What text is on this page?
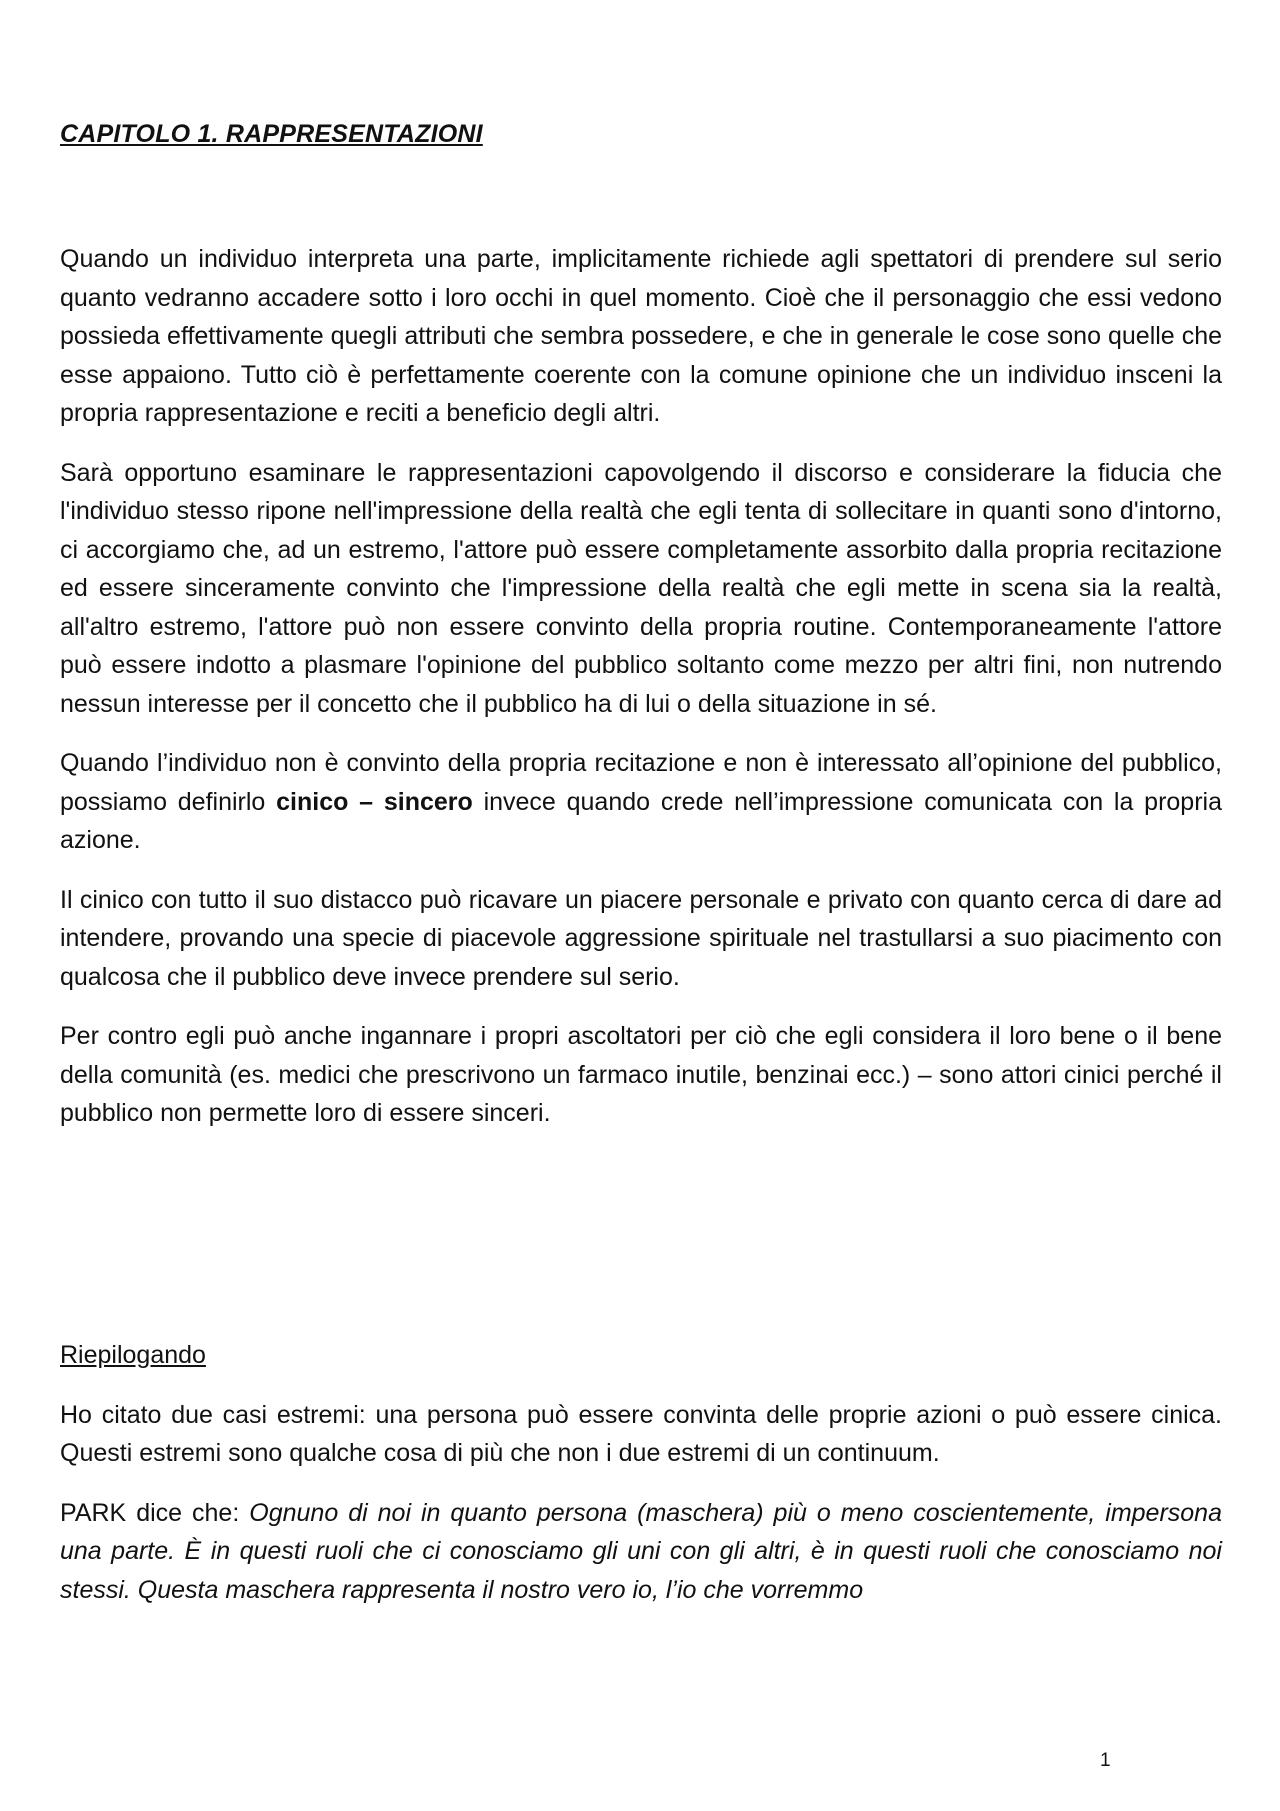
CAPITOLO 1. RAPPRESENTAZIONI

Quando un individuo interpreta una parte, implicitamente richiede agli spettatori di prendere sul serio quanto vedranno accadere sotto i loro occhi in quel momento. Cioè che il personaggio che essi vedono possieda effettivamente quegli attributi che sembra possedere, e che in generale le cose sono quelle che esse appaiono. Tutto ciò è perfettamente coerente con la comune opinione che un individuo insceni la propria rappresentazione e reciti a beneficio degli altri.

Sarà opportuno esaminare le rappresentazioni capovolgendo il discorso e considerare la fiducia che l'individuo stesso ripone nell'impressione della realtà che egli tenta di sollecitare in quanti sono d'intorno, ci accorgiamo che, ad un estremo, l'attore può essere completamente assorbito dalla propria recitazione ed essere sinceramente convinto che l'impressione della realtà che egli mette in scena sia la realtà, all'altro estremo, l'attore può non essere convinto della propria routine. Contemporaneamente l'attore può essere indotto a plasmare l'opinione del pubblico soltanto come mezzo per altri fini, non nutrendo nessun interesse per il concetto che il pubblico ha di lui o della situazione in sé.

Quando l’individuo non è convinto della propria recitazione e non è interessato all’opinione del pubblico, possiamo definirlo cinico – sincero invece quando crede nell’impressione comunicata con la propria azione.

Il cinico con tutto il suo distacco può ricavare un piacere personale e privato con quanto cerca di dare ad intendere, provando una specie di piacevole aggressione spirituale nel trastullarsi a suo piacimento con qualcosa che il pubblico deve invece prendere sul serio.

Per contro egli può anche ingannare i propri ascoltatori per ciò che egli considera il loro bene o il bene della comunità (es. medici che prescrivono un farmaco inutile, benzinai ecc.) – sono attori cinici perché il pubblico non permette loro di essere sinceri.

Riepilogando

Ho citato due casi estremi: una persona può essere convinta delle proprie azioni o può essere cinica. Questi estremi sono qualche cosa di più che non i due estremi di un continuum.

PARK dice che: Ognuno di noi in quanto persona (maschera) più o meno coscientemente, impersona una parte. È in questi ruoli che ci conosciamo gli uni con gli altri, è in questi ruoli che conosciamo noi stessi. Questa maschera rappresenta il nostro vero io, l’io che vorremmo

1
